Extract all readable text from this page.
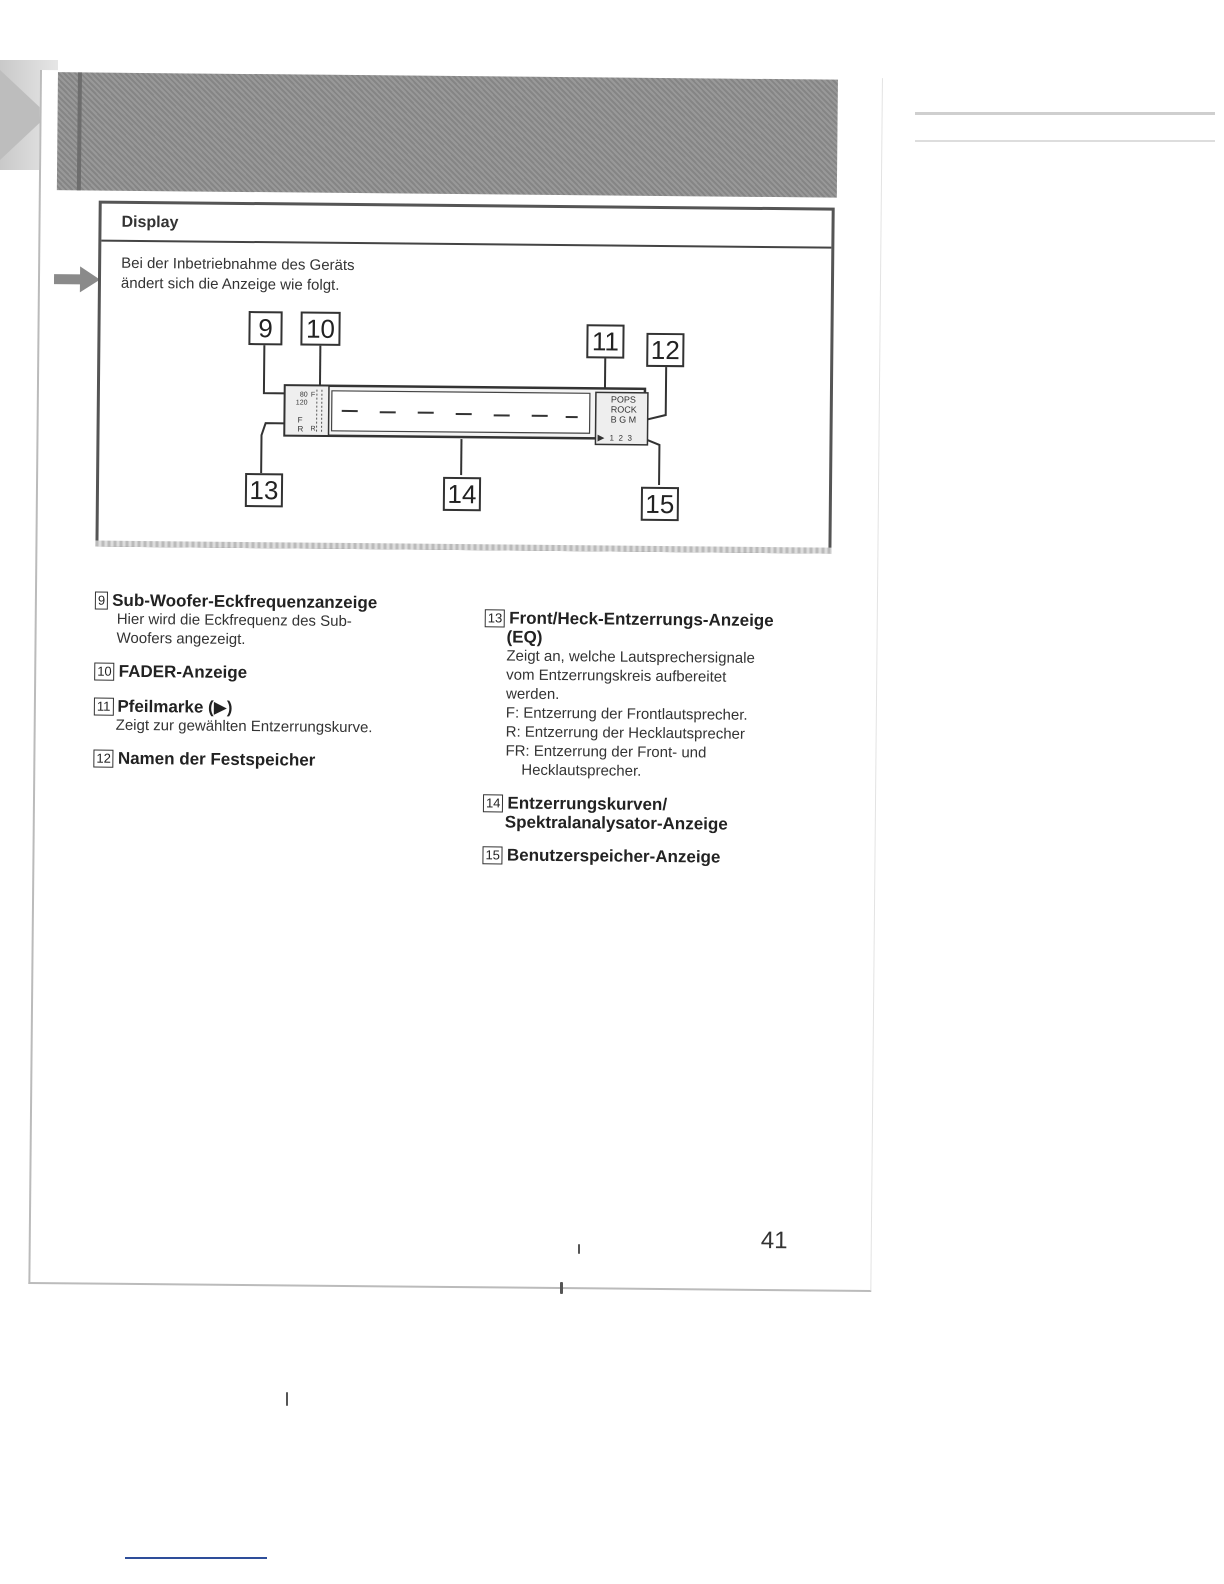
Display
Bei der Inbetriebnahme des Geräts
ändert sich die Anzeige wie folgt.
80
120
F
R
F
R
POPS
ROCK
B G M
▶ 1 2 3
9	10	11 12
13	14	15
9 Sub-Woofer-Eckfrequenzanzeige
Hier wird die Eckfrequenz des Sub-
Woofers angezeigt.
10 FADER-Anzeige
11 Pfeilmarke (▶)
Zeigt zur gewählten Entzerrungskurve.
12 Namen der Festspeicher
13 Front/Heck-Entzerrungs-Anzeige
(EQ)
Zeigt an, welche Lautsprechersignale
vom Entzerrungskreis aufbereitet
werden.
F: Entzerrung der Frontlautsprecher.
R: Entzerrung der Hecklautsprecher
FR: Entzerrung der Front- und
Hecklautsprecher.
14 Entzerrungskurven/
Spektralanalysator-Anzeige
15 Benutzerspeicher-Anzeige
41
